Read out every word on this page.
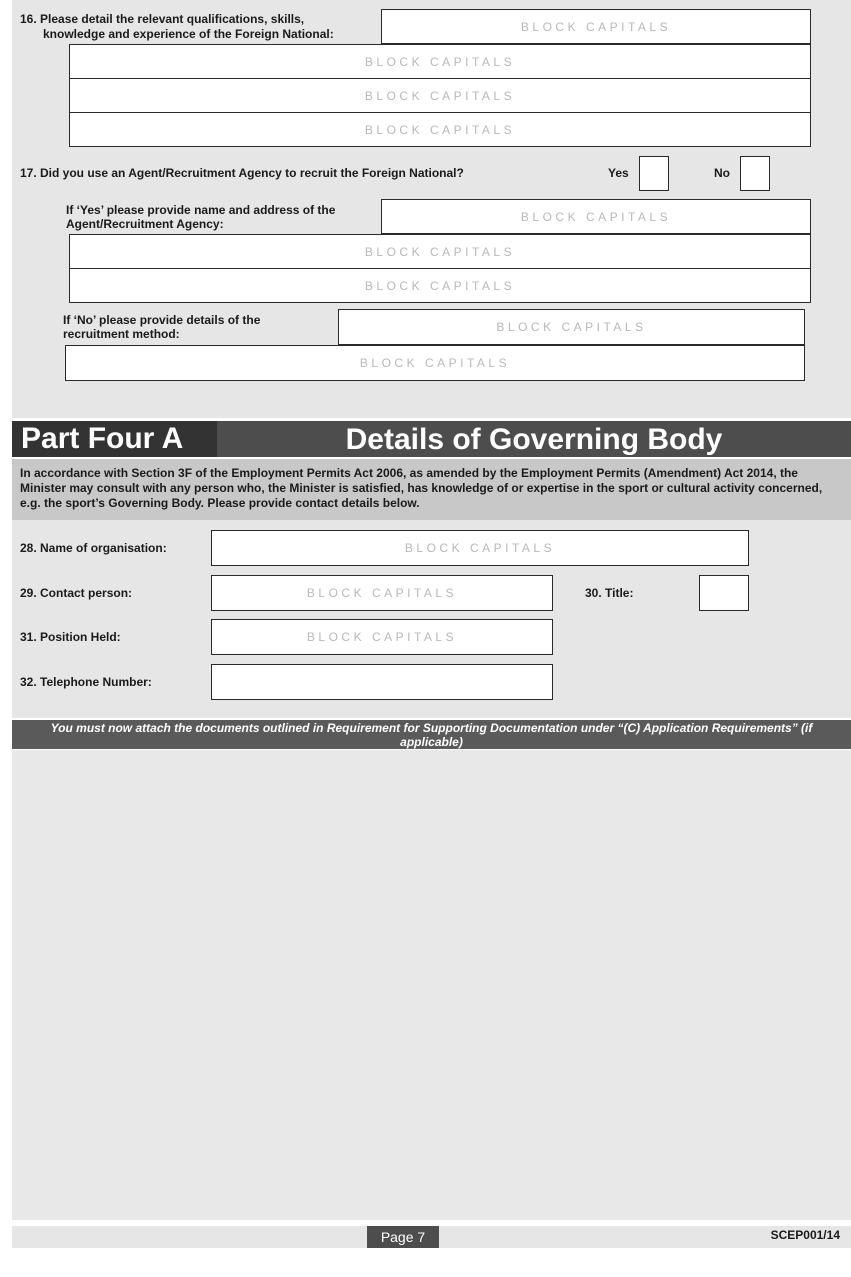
16. Please detail the relevant qualifications, skills,
knowledge and experience of the Foreign National:
BLOCK CAPITALS
BLOCK CAPITALS
BLOCK CAPITALS
BLOCK CAPITALS
17. Did you use an Agent/Recruitment Agency to recruit the Foreign National?	Yes	No
If ‘Yes’ please provide name and address of the
Agent/Recruitment Agency:
BLOCK CAPITALS
BLOCK CAPITALS
BLOCK CAPITALS
If ‘No’ please provide details of the
recruitment method:	BLOCK CAPITALS
BLOCK CAPITALS
Part Four A	Details of Governing Body
In accordance with Section 3F of the Employment Permits Act 2006, as amended by the Employment Permits (Amendment) Act 2014, the Minister may consult with any person who, the Minister is satisfied, has knowledge of or expertise in the sport or cultural activity concerned, e.g. the sport’s Governing Body. Please provide contact details below.
28. Name of organisation:	BLOCK CAPITALS
29. Contact person:	BLOCK CAPITALS	30. Title:
31. Position Held:	BLOCK CAPITALS
32. Telephone Number:
You must now attach the documents outlined in Requirement for Supporting Documentation under “(C) Application Requirements” (if applicable)
Page 7	SCEP001/14
